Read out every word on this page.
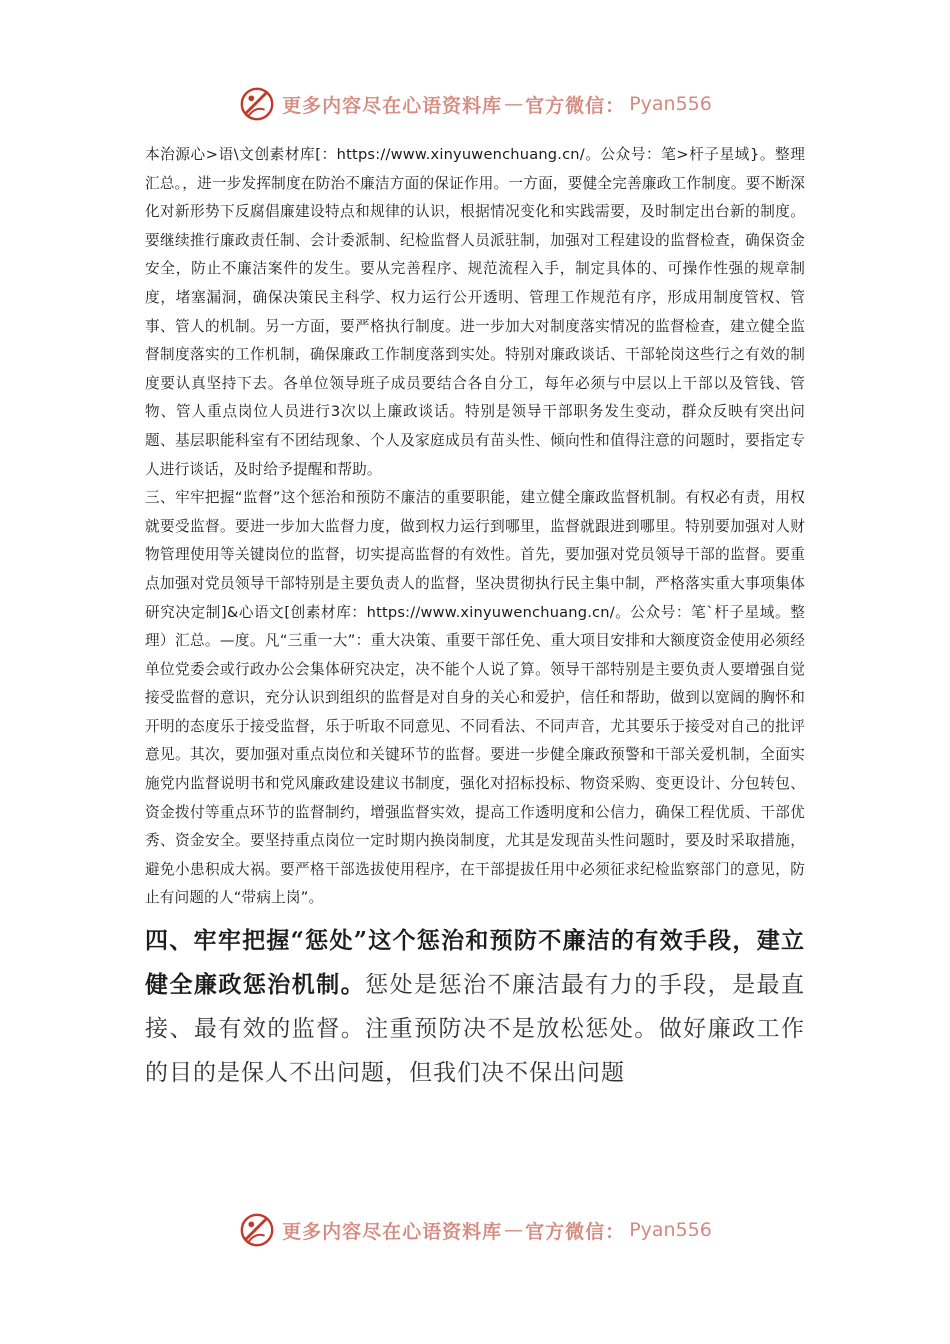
更多内容尽在心语资料库 — 官方微信： Pyan556

本治源心>语\文创素材库[：https://www.xinyuwenchuang.cn/。公众号：笔>杆子星域}。整理汇总。，进一步发挥制度在防治不廉洁方面的保证作用。一方面，要健全完善廉政工作制度。要不断深化对新形势下反腐倡廉建设特点和规律的认识，根据情况变化和实践需要，及时制定出台新的制度。要继续推行廉政责任制、会计委派制、纪检监督人员派驻制，加强对工程建设的监督检查，确保资金安全，防止不廉洁案件的发生。要从完善程序、规范流程入手，制定具体的、可操作性强的规章制度，堵塞漏洞，确保决策民主科学、权力运行公开透明、管理工作规范有序，形成用制度管权、管事、管人的机制。另一方面，要严格执行制度。进一步加大对制度落实情况的监督检查，建立健全监督制度落实的工作机制，确保廉政工作制度落到实处。特别对廉政谈话、干部轮岗这些行之有效的制度要认真坚持下去。各单位领导班子成员要结合各自分工，每年必须与中层以上干部以及管钱、管物、管人重点岗位人员进行3次以上廉政谈话。特别是领导干部职务发生变动，群众反映有突出问题、基层职能科室有不团结现象、个人及家庭成员有苗头性、倾向性和值得注意的问题时，要指定专人进行谈话，及时给予提醒和帮助。

三、牢牢把握“监督”这个惩治和预防不廉洁的重要职能，建立健全廉政监督机制。有权必有责，用权就要受监督。要进一步加大监督力度，做到权力运行到哪里，监督就跟进到哪里。特别要加强对人财物管理使用等关键岗位的监督，切实提高监督的有效性。首先，要加强对党员领导干部的监督。要重点加强对党员领导干部特别是主要负责人的监督，坚决贯彻执行民主集中制，严格落实重大事项集体研究决定制]&心语文[创素材库：https://www.xinyuwenchuang.cn/。公众号：笔`杆子星域。整理）汇总。—度。凡“三重一大”：重大决策、重要干部任免、重大项目安排和大额度资金使用必须经单位党委会或行政办公会集体研究决定，决不能个人说了算。领导干部特别是主要负责人要增强自觉接受监督的意识，充分认识到组织的监督是对自身的关心和爱护，信任和帮助，做到以宽阔的胸怀和开明的态度乐于接受监督，乐于听取不同意见、不同看法、不同声音，尤其要乐于接受对自己的批评意见。其次，要加强对重点岗位和关键环节的监督。要进一步健全廉政预警和干部关爱机制，全面实施党内监督说明书和党风廉政建设建议书制度，强化对招标投标、物资采购、变更设计、分包转包、资金拨付等重点环节的监督制约，增强监督实效，提高工作透明度和公信力，确保工程优质、干部优秀、资金安全。要坚持重点岗位一定时期内换岗制度，尤其是发现苗头性问题时，要及时采取措施，避免小患积成大祸。要严格干部选拔使用程序，在干部提拔任用中必须征求纪检监察部门的意见，防止有问题的人“带病上岗”。

四、牢牢把握“惩处”这个惩治和预防不廉洁的有效手段，建立健全廉政惩治机制。惩处是惩治不廉洁最有力的手段，是最直接、最有效的监督。注重预防决不是放松惩处。做好廉政工作的目的是保人不出问题，但我们决不保出问题

更多内容尽在心语资料库 — 官方微信： Pyan556
